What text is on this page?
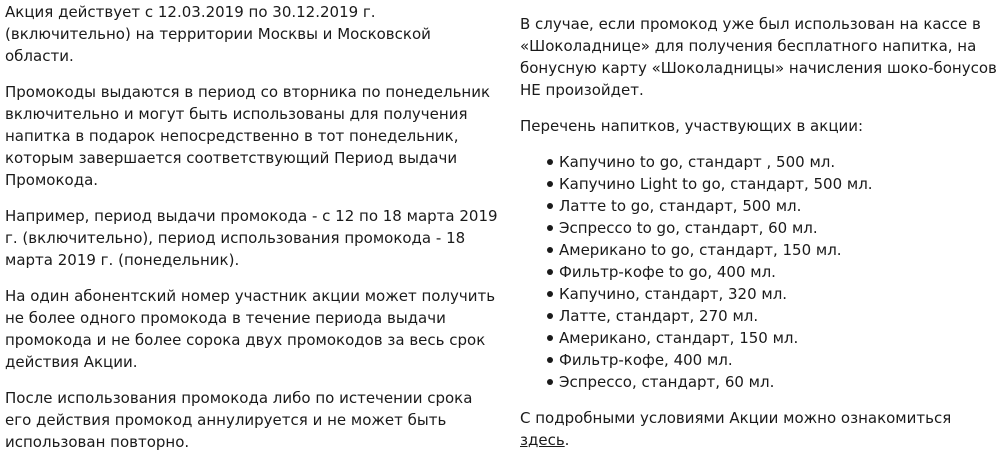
Акция действует с 12.03.2019 по 30.12.2019 г. (включительно) на территории Москвы и Московской области.

Промокоды выдаются в период со вторника по понедельник включительно и могут быть использованы для получения напитка в подарок непосредственно в тот понедельник, которым завершается соответствующий Период выдачи Промокода.

Например, период выдачи промокода - с 12 по 18 марта 2019 г. (включительно), период использования промокода - 18 марта 2019 г. (понедельник).

На один абонентский номер участник акции может получить не более одного промокода в течение периода выдачи промокода и не более сорока двух промокодов за весь срок действия Акции.

После использования промокода либо по истечении срока его действия промокод аннулируется и не может быть использован повторно.

В случае, если промокод уже был использован на кассе в «Шоколаднице» для получения бесплатного напитка, на бонусную карту «Шоколадницы» начисления шоко-бонусов НЕ произойдет.

Перечень напитков, участвующих в акции:

Капучино to go, стандарт , 500 мл.
Капучино Light to go, стандарт, 500 мл.
Латте to go, стандарт, 500 мл.
Эспрессо to go, стандарт, 60 мл.
Американо to go, стандарт, 150 мл.
Фильтр-кофе to go, 400 мл.
Капучино, стандарт, 320 мл.
Латте, стандарт, 270 мл.
Американо, стандарт, 150 мл.
Фильтр-кофе, 400 мл.
Эспрессо, стандарт, 60 мл.

С подробными условиями Акции можно ознакомиться здесь.
